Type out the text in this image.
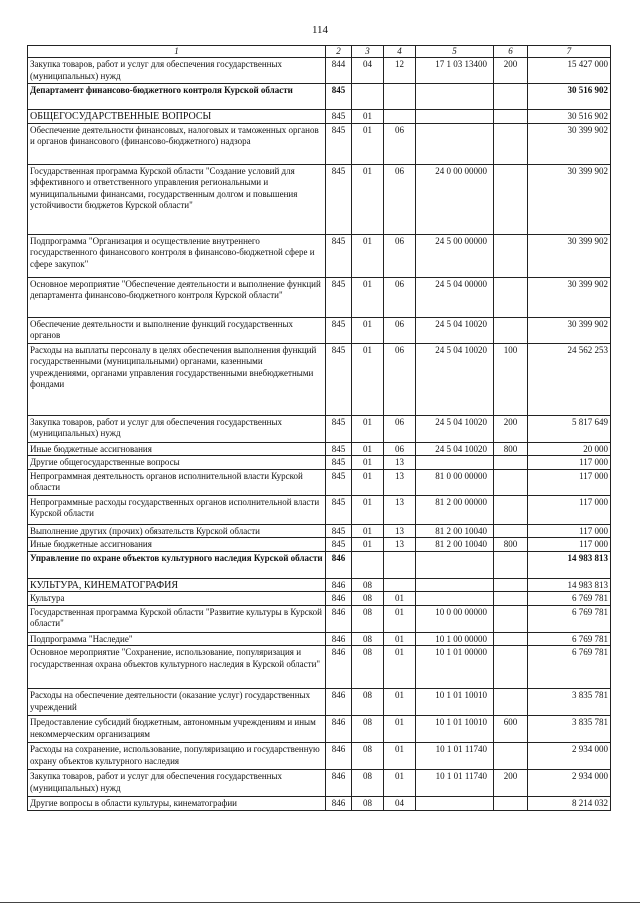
114
1	2	3	4	5	6	7
Закупка товаров, работ и услуг для обеспечения государственных (муниципальных) нужд	844	04	12	17 1 03 13400	200	15 427 000
Департамент финансово-бюджетного контроля Курской области	845					30 516 902
ОБЩЕГОСУДАРСТВЕННЫЕ ВОПРОСЫ	845	01				30 516 902
Обеспечение деятельности финансовых, налоговых и таможенных органов и органов финансового (финансово-бюджетного) надзора	845	01	06			30 399 902
Государственная программа Курской области "Создание условий для эффективного и ответственного управления региональными и муниципальными финансами, государственным долгом и повышения устойчивости бюджетов Курской области"	845	01	06	24 0 00 00000		30 399 902
Подпрограмма "Организация и осуществление внутреннего государственного финансового контроля в финансово-бюджетной сфере и сфере закупок"	845	01	06	24 5 00 00000		30 399 902
Основное мероприятие "Обеспечение деятельности и выполнение функций департамента финансово-бюджетного контроля Курской области"	845	01	06	24 5 04 00000		30 399 902
Обеспечение деятельности и выполнение функций государственных органов	845	01	06	24 5 04 10020		30 399 902
Расходы на выплаты персоналу в целях обеспечения выполнения функций государственными (муниципальными) органами, казенными учреждениями, органами управления государственными внебюджетными фондами	845	01	06	24 5 04 10020	100	24 562 253
Закупка товаров, работ и услуг для обеспечения государственных (муниципальных) нужд	845	01	06	24 5 04 10020	200	5 817 649
Иные бюджетные ассигнования	845	01	06	24 5 04 10020	800	20 000
Другие общегосударственные вопросы	845	01	13			117 000
Непрограммная деятельность органов исполнительной власти Курской области	845	01	13	81 0 00 00000		117 000
Непрограммные расходы государственных органов исполнительной власти Курской области	845	01	13	81 2 00 00000		117 000
Выполнение других (прочих) обязательств Курской области	845	01	13	81 2 00 10040		117 000
Иные бюджетные ассигнования	845	01	13	81 2 00 10040	800	117 000
Управление по охране объектов культурного наследия Курской области	846					14 983 813
КУЛЬТУРА, КИНЕМАТОГРАФИЯ	846	08				14 983 813
Культура	846	08	01			6 769 781
Государственная программа Курской области "Развитие культуры в Курской области"	846	08	01	10 0 00 00000		6 769 781
Подпрограмма "Наследие"	846	08	01	10 1 00 00000		6 769 781
Основное мероприятие "Сохранение, использование, популяризация и государственная охрана объектов культурного наследия в Курской области"	846	08	01	10 1 01 00000		6 769 781
Расходы на обеспечение деятельности (оказание услуг) государственных учреждений	846	08	01	10 1 01 10010		3 835 781
Предоставление субсидий бюджетным, автономным учреждениям и иным некоммерческим организациям	846	08	01	10 1 01 10010	600	3 835 781
Расходы на сохранение, использование, популяризацию и государственную охрану объектов культурного наследия	846	08	01	10 1 01 11740		2 934 000
Закупка товаров, работ и услуг для обеспечения государственных (муниципальных) нужд	846	08	01	10 1 01 11740	200	2 934 000
Другие вопросы в области культуры, кинематографии	846	08	04			8 214 032
